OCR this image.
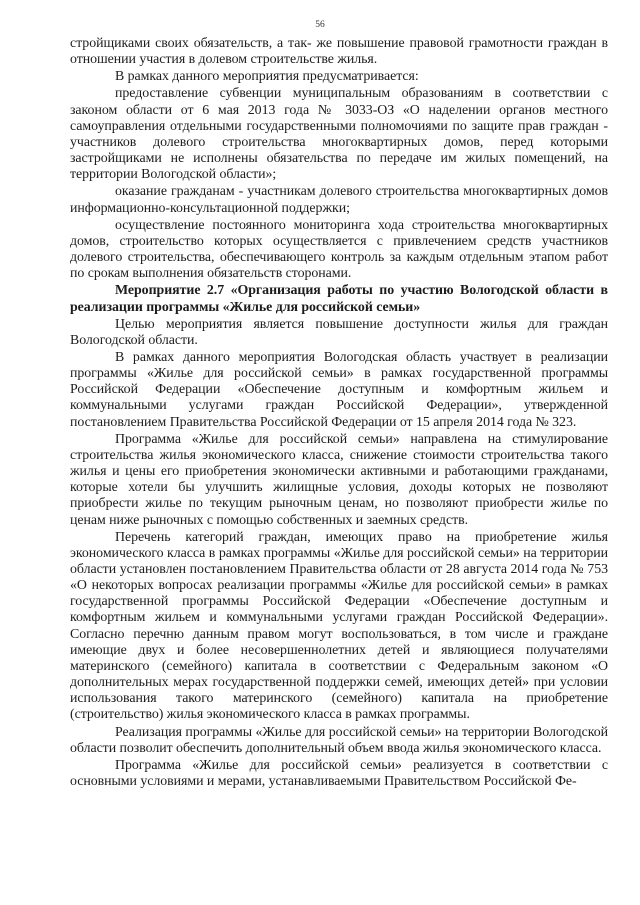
56

стройщиками своих обязательств, а так- же повышение правовой грамотности граждан в отношении участия в долевом строительстве жилья.

В рамках данного мероприятия предусматривается:

предоставление субвенции муниципальным образованиям в соответствии с законом области от 6 мая 2013 года № 3033-ОЗ «О наделении органов местного самоуправления отдельными государственными полномочиями по защите прав граждан - участников долевого строительства многоквартирных домов, перед которыми застройщиками не исполнены обязательства по передаче им жилых помещений, на территории Вологодской области»;

оказание гражданам - участникам долевого строительства многоквартирных домов информационно-консультационной поддержки;

осуществление постоянного мониторинга хода строительства многоквартирных домов, строительство которых осуществляется с привлечением средств участников долевого строительства, обеспечивающего контроль за каждым отдельным этапом работ по срокам выполнения обязательств сторонами.

Мероприятие 2.7 «Организация работы по участию Вологодской области в реализации программы «Жилье для российской семьи»

Целью мероприятия является повышение доступности жилья для граждан Вологодской области.

В рамках данного мероприятия Вологодская область участвует в реализации программы «Жилье для российской семьи» в рамках государственной программы Российской Федерации «Обеспечение доступным и комфортным жильем и коммунальными услугами граждан Российской Федерации», утвержденной постановлением Правительства Российской Федерации от 15 апреля 2014 года № 323.

Программа «Жилье для российской семьи» направлена на стимулирование строительства жилья экономического класса, снижение стоимости строительства такого жилья и цены его приобретения экономически активными и работающими гражданами, которые хотели бы улучшить жилищные условия, доходы которых не позволяют приобрести жилье по текущим рыночным ценам, но позволяют приобрести жилье по ценам ниже рыночных с помощью собственных и заемных средств.

Перечень категорий граждан, имеющих право на приобретение жилья экономического класса в рамках программы «Жилье для российской семьи» на территории области установлен постановлением Правительства области от 28 августа 2014 года № 753 «О некоторых вопросах реализации программы «Жилье для российской семьи» в рамках государственной программы Российской Федерации «Обеспечение доступным и комфортным жильем и коммунальными услугами граждан Российской Федерации». Согласно перечню данным правом могут воспользоваться, в том числе и граждане имеющие двух и более несовершеннолетних детей и являющиеся получателями материнского (семейного) капитала в соответствии с Федеральным законом «О дополнительных мерах государственной поддержки семей, имеющих детей» при условии использования такого материнского (семейного) капитала на приобретение (строительство) жилья экономического класса в рамках программы.

Реализация программы «Жилье для российской семьи» на территории Вологодской области позволит обеспечить дополнительный объем ввода жилья экономического класса.

Программа «Жилье для российской семьи» реализуется в соответствии с основными условиями и мерами, устанавливаемыми Правительством Российской Фе-
